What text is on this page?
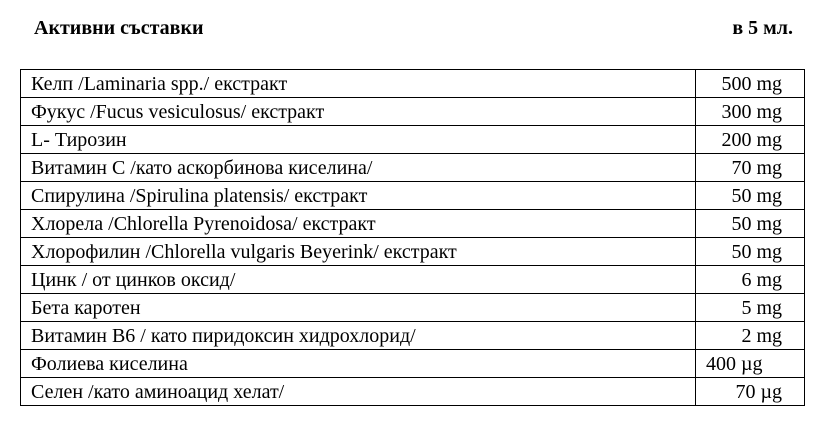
Активни съставки	в 5 мл.
Келп /Laminaria spp./ екстракт	500 mg
Фукус /Fucus vesiculosus/ екстракт	300 mg
L- Тирозин	200 mg
Витамин С /като аскорбинова киселина/	70 mg
Спирулина /Spirulina platensis/ екстракт	50 mg
Хлорела /Chlorella Pyrenoidosa/ екстракт	50 mg
Хлорофилин /Chlorella vulgaris Beyerink/ екстракт	50 mg
Цинк / от цинков оксид/	6 mg
Бета каротен	5 mg
Витамин В6 / като пиридоксин хидрохлорид/	2 mg
Фолиева киселина	400 µg
Селен /като аминоацид хелат/	70 µg
